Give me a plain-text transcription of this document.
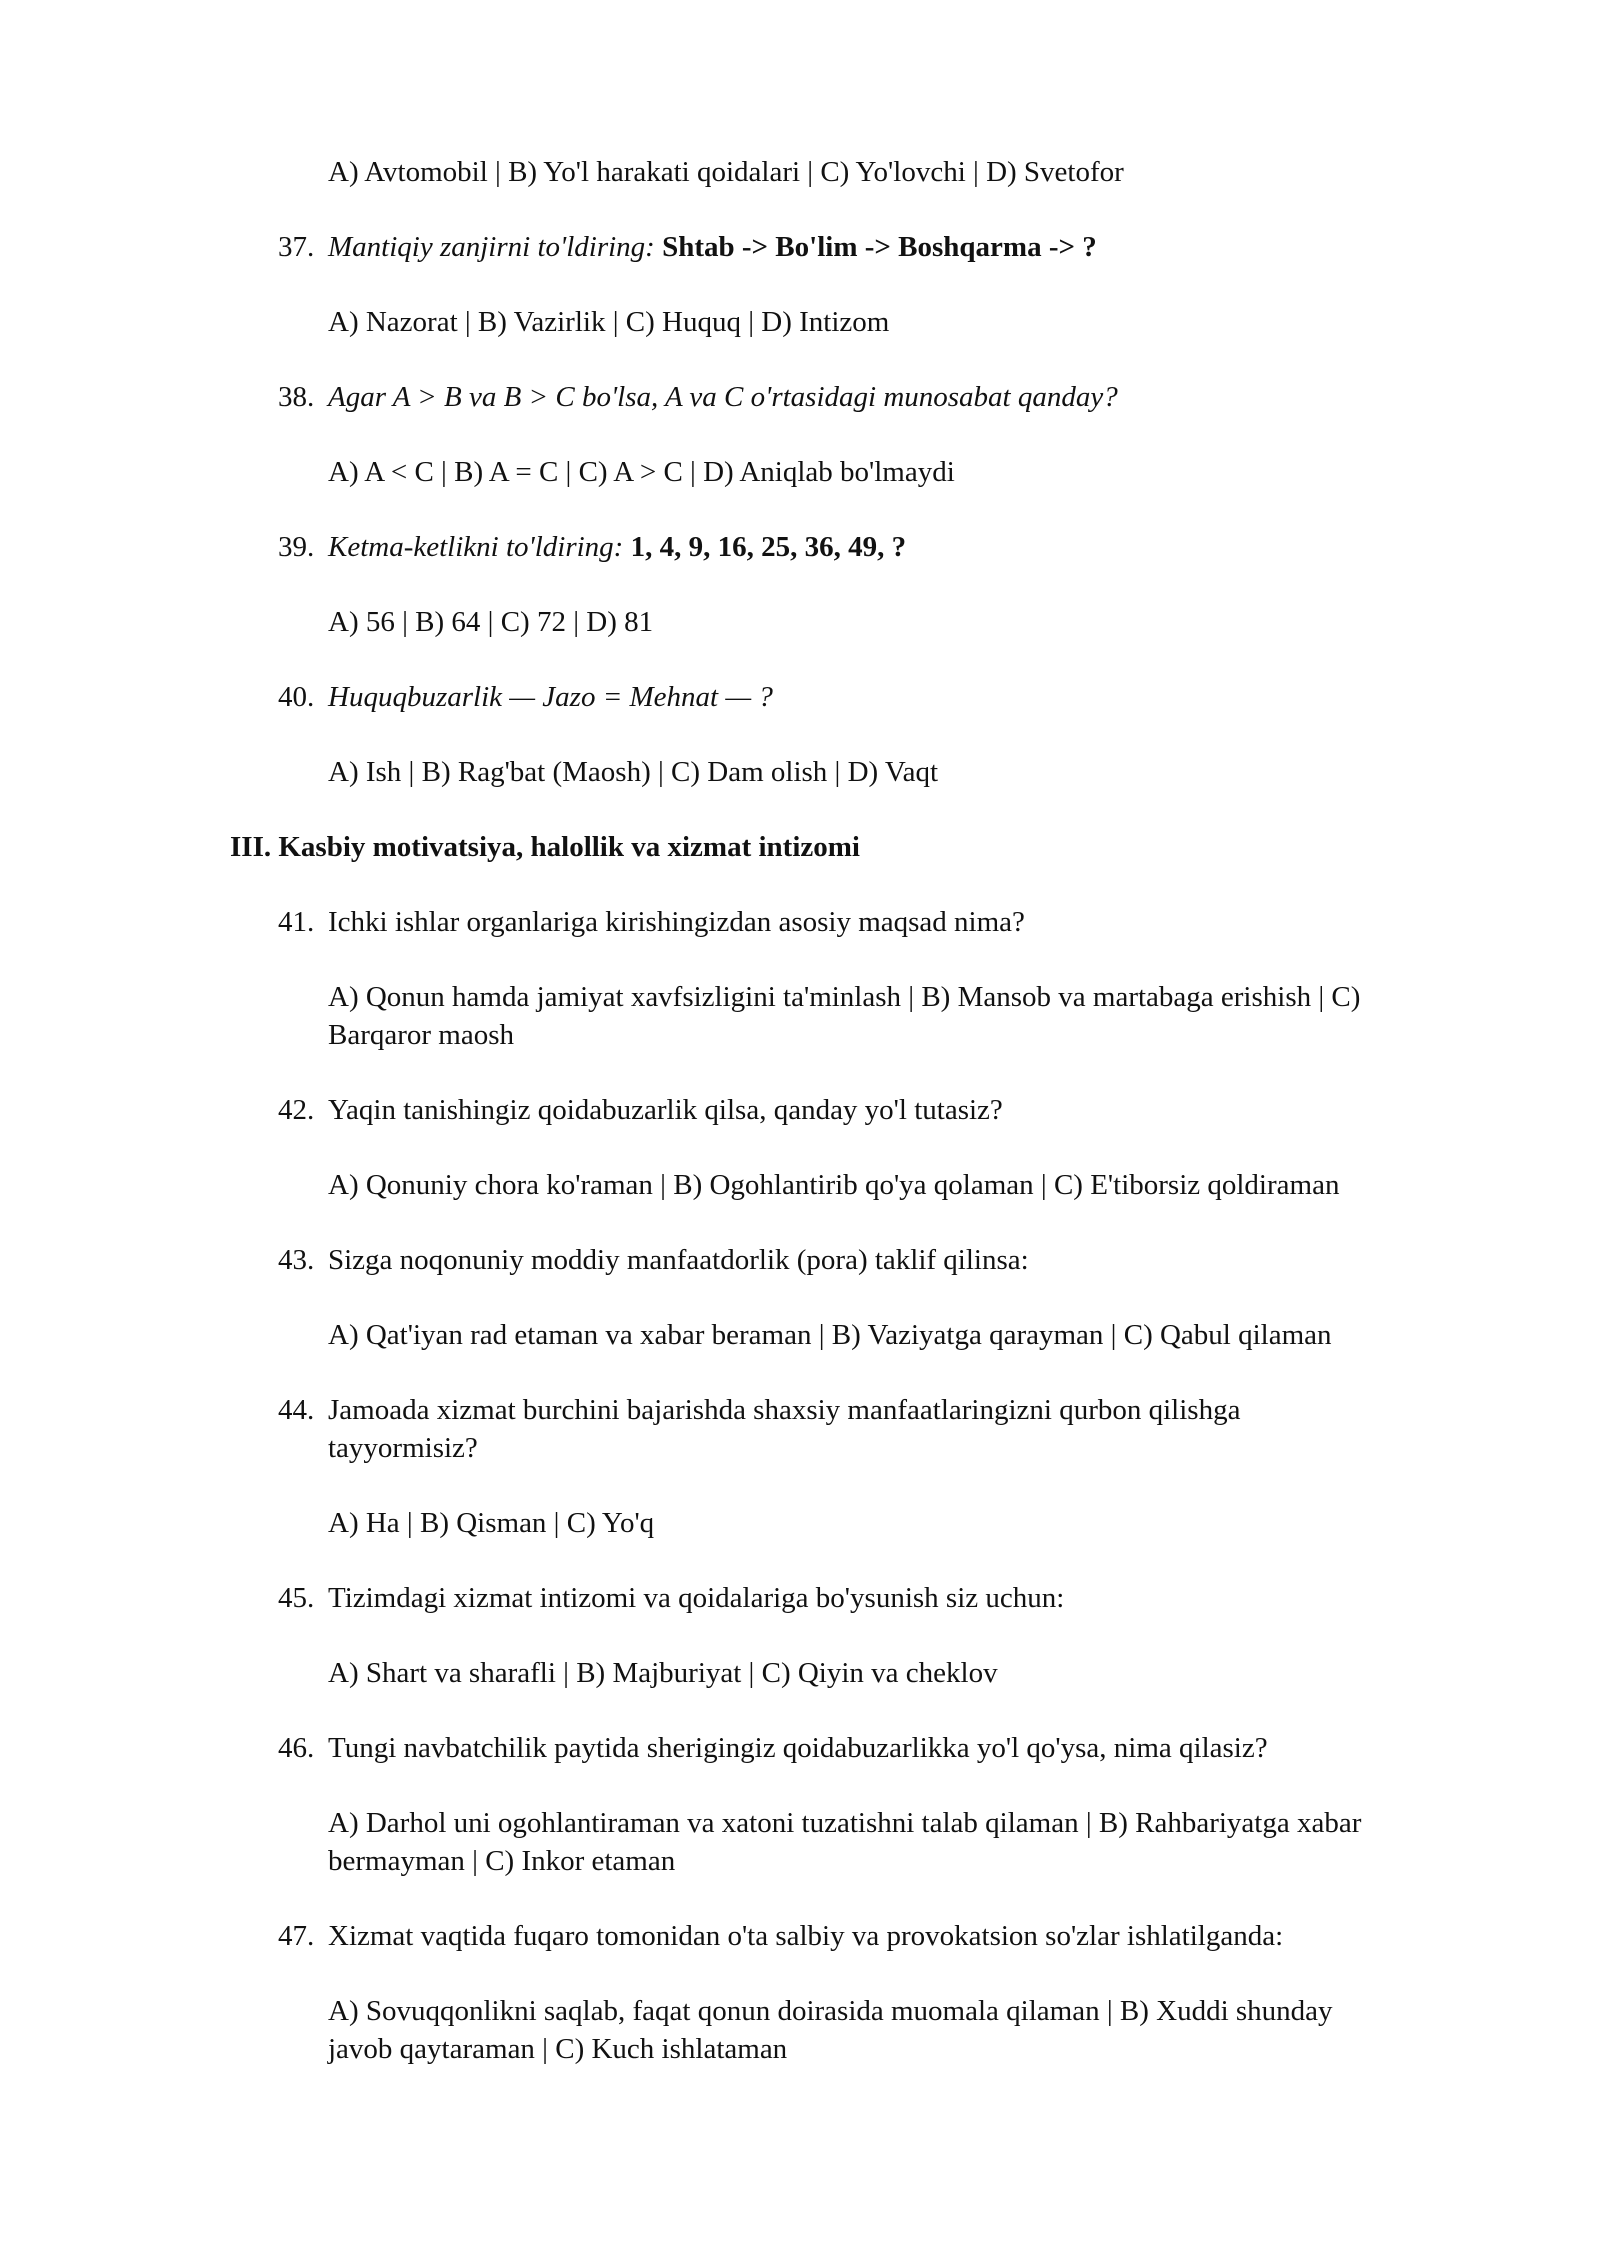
A) Avtomobil | B) Yo'l harakati qoidalari | C) Yo'lovchi | D) Svetofor
37. Mantiqiy zanjirni to'ldiring: Shtab -> Bo'lim -> Boshqarma -> ?
A) Nazorat | B) Vazirlik | C) Huquq | D) Intizom
38. Agar A > B va B > C bo'lsa, A va C o'rtasidagi munosabat qanday?
A) A < C | B) A = C | C) A > C | D) Aniqlab bo'lmaydi
39. Ketma-ketlikni to'ldiring: 1, 4, 9, 16, 25, 36, 49, ?
A) 56 | B) 64 | C) 72 | D) 81
40. Huquqbuzarlik — Jazo = Mehnat — ?
A) Ish | B) Rag'bat (Maosh) | C) Dam olish | D) Vaqt
III. Kasbiy motivatsiya, halollik va xizmat intizomi
41. Ichki ishlar organlariga kirishingizdan asosiy maqsad nima?
A) Qonun hamda jamiyat xavfsizligini ta'minlash | B) Mansob va martabaga erishish | C)
Barqaror maosh
42. Yaqin tanishingiz qoidabuzarlik qilsa, qanday yo'l tutasiz?
A) Qonuniy chora ko'raman | B) Ogohlantirib qo'ya qolaman | C) E'tiborsiz qoldiraman
43. Sizga noqonuniy moddiy manfaatdorlik (pora) taklif qilinsa:
A) Qat'iyan rad etaman va xabar beraman | B) Vaziyatga qarayman | C) Qabul qilaman
44. Jamoada xizmat burchini bajarishda shaxsiy manfaatlaringizni qurbon qilishga
tayyormisiz?
A) Ha | B) Qisman | C) Yo'q
45. Tizimdagi xizmat intizomi va qoidalariga bo'ysunish siz uchun:
A) Shart va sharafli | B) Majburiyat | C) Qiyin va cheklov
46. Tungi navbatchilik paytida sherigingiz qoidabuzarlikka yo'l qo'ysa, nima qilasiz?
A) Darhol uni ogohlantiraman va xatoni tuzatishni talab qilaman | B) Rahbariyatga xabar
bermayman | C) Inkor etaman
47. Xizmat vaqtida fuqaro tomonidan o'ta salbiy va provokatsion so'zlar ishlatilganda:
A) Sovuqqonlikni saqlab, faqat qonun doirasida muomala qilaman | B) Xuddi shunday
javob qaytaraman | C) Kuch ishlataman
